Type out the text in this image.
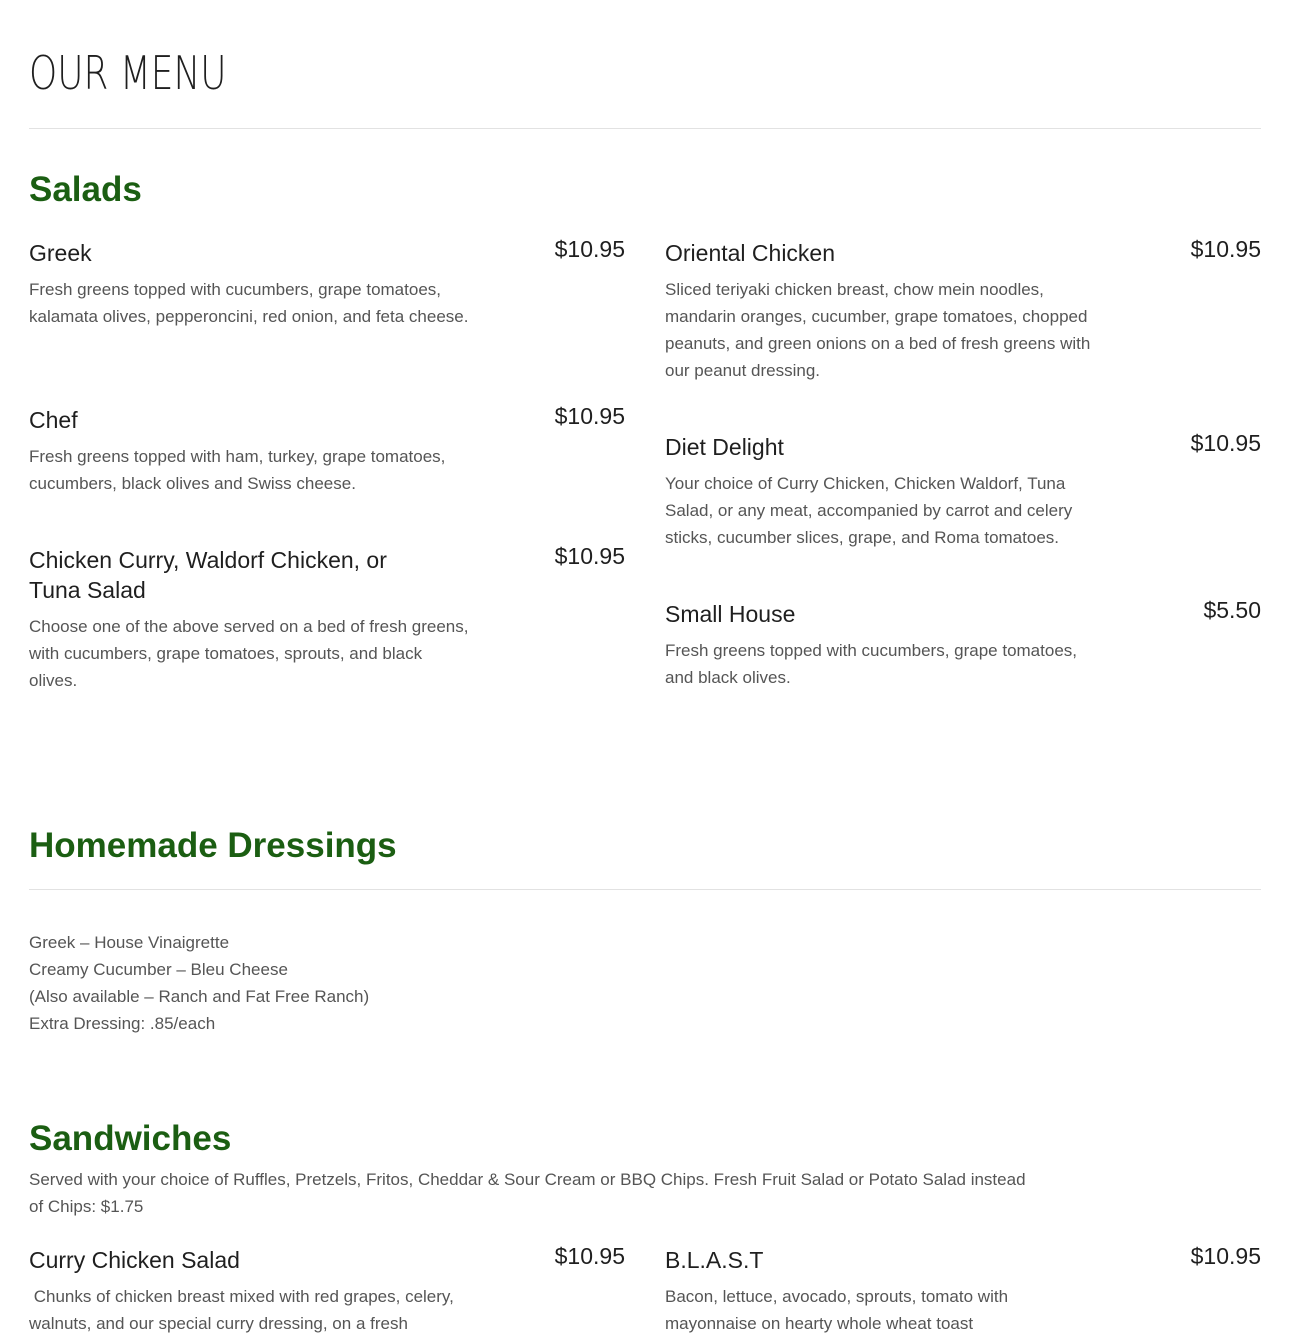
OUR MENU
Salads
Greek	$10.95
Fresh greens topped with cucumbers, grape tomatoes, kalamata olives, pepperoncini, red onion, and feta cheese.
Chef	$10.95
Fresh greens topped with ham, turkey, grape tomatoes, cucumbers, black olives and Swiss cheese.
Chicken Curry, Waldorf Chicken, or Tuna Salad
$10.95
Choose one of the above served on a bed of fresh greens, with cucumbers, grape tomatoes, sprouts, and black olives.
Oriental Chicken	$10.95
Sliced teriyaki chicken breast, chow mein noodles, mandarin oranges, cucumber, grape tomatoes, chopped peanuts, and green onions on a bed of fresh greens with our peanut dressing.
Diet Delight	$10.95
Your choice of Curry Chicken, Chicken Waldorf, Tuna Salad, or any meat, accompanied by carrot and celery sticks, cucumber slices, grape, and Roma tomatoes.
Small House	$5.50
Fresh greens topped with cucumbers, grape tomatoes, and black olives.
Homemade Dressings
Greek – House Vinaigrette
Creamy Cucumber – Bleu Cheese
(Also available – Ranch and Fat Free Ranch)
Extra Dressing: .85/each
Sandwiches
Served with your choice of Ruffles, Pretzels, Fritos, Cheddar & Sour Cream or BBQ Chips. Fresh Fruit Salad or Potato Salad instead of Chips: $1.75
Curry Chicken Salad	$10.95
Chunks of chicken breast mixed with red grapes, celery, walnuts, and our special curry dressing, on a fresh
B.L.A.S.T	$10.95
Bacon, lettuce, avocado, sprouts, tomato with mayonnaise on hearty whole wheat toast
